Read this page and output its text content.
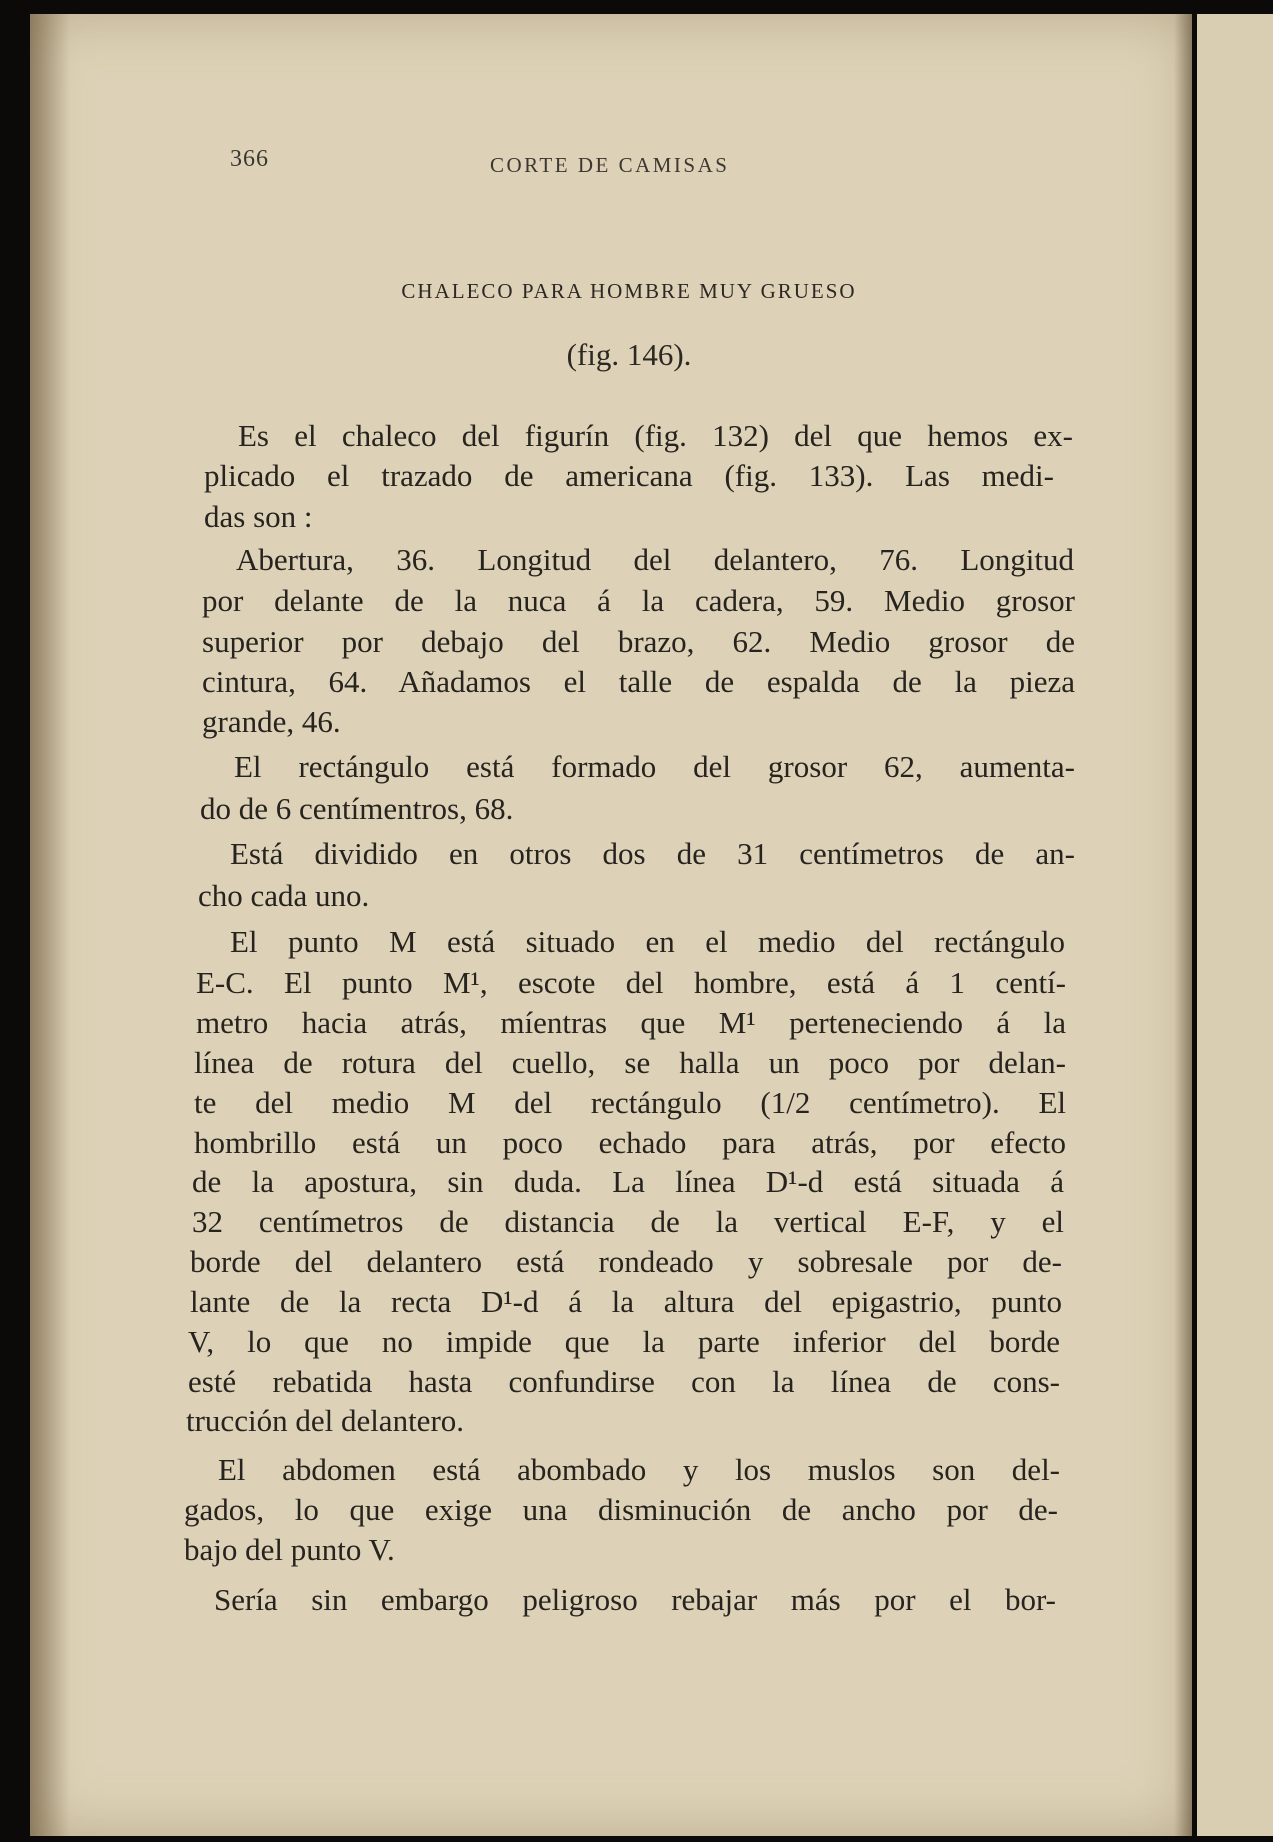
366	CORTE DE CAMISAS
CHALECO PARA HOMBRE MUY GRUESO
(fig. 146).
Es el chaleco del figurín (fig. 132) del que hemos ex-
plicado el trazado de americana (fig. 133). Las medi-
das son :
Abertura, 36. Longitud del delantero, 76. Longitud
por delante de la nuca á la cadera, 59. Medio grosor
superior por debajo del brazo, 62. Medio grosor de
cintura, 64. Añadamos el talle de espalda de la pieza
grande, 46.
El rectángulo está formado del grosor 62, aumenta-
do de 6 centímentros, 68.
Está dividido en otros dos de 31 centímetros de an-
cho cada uno.
El punto M está situado en el medio del rectángulo
E-C. El punto M¹, escote del hombre, está á 1 centí-
metro hacia atrás, míentras que M¹ perteneciendo á la
línea de rotura del cuello, se halla un poco por delan-
te del medio M del rectángulo (1/2 centímetro). El
hombrillo está un poco echado para atrás, por efecto
de la apostura, sin duda. La línea D¹-d está situada á
32 centímetros de distancia de la vertical E-F, y el
borde del delantero está rondeado y sobresale por de-
lante de la recta D¹-d á la altura del epigastrio, punto
V, lo que no impide que la parte inferior del borde
esté rebatida hasta confundirse con la línea de cons-
trucción del delantero.
El abdomen está abombado y los muslos son del-
gados, lo que exige una disminución de ancho por de-
bajo del punto V.
Sería sin embargo peligroso rebajar más por el bor-
